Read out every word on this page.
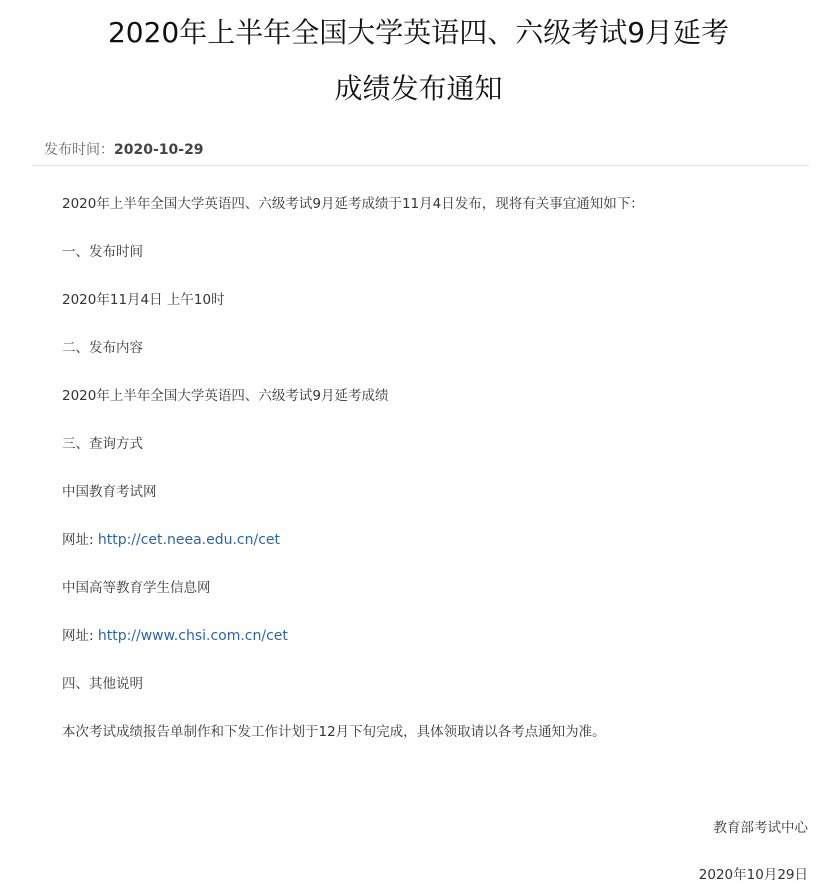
2020年上半年全国大学英语四、六级考试9月延考
成绩发布通知
发布时间：2020-10-29

2020年上半年全国大学英语四、六级考试9月延考成绩于11月4日发布，现将有关事宜通知如下：

一、发布时间

2020年11月4日 上午10时

二、发布内容

2020年上半年全国大学英语四、六级考试9月延考成绩

三、查询方式

中国教育考试网

网址: http://cet.neea.edu.cn/cet

中国高等教育学生信息网

网址: http://www.chsi.com.cn/cet

四、其他说明

本次考试成绩报告单制作和下发工作计划于12月下旬完成，具体领取请以各考点通知为准。

教育部考试中心
2020年10月29日
